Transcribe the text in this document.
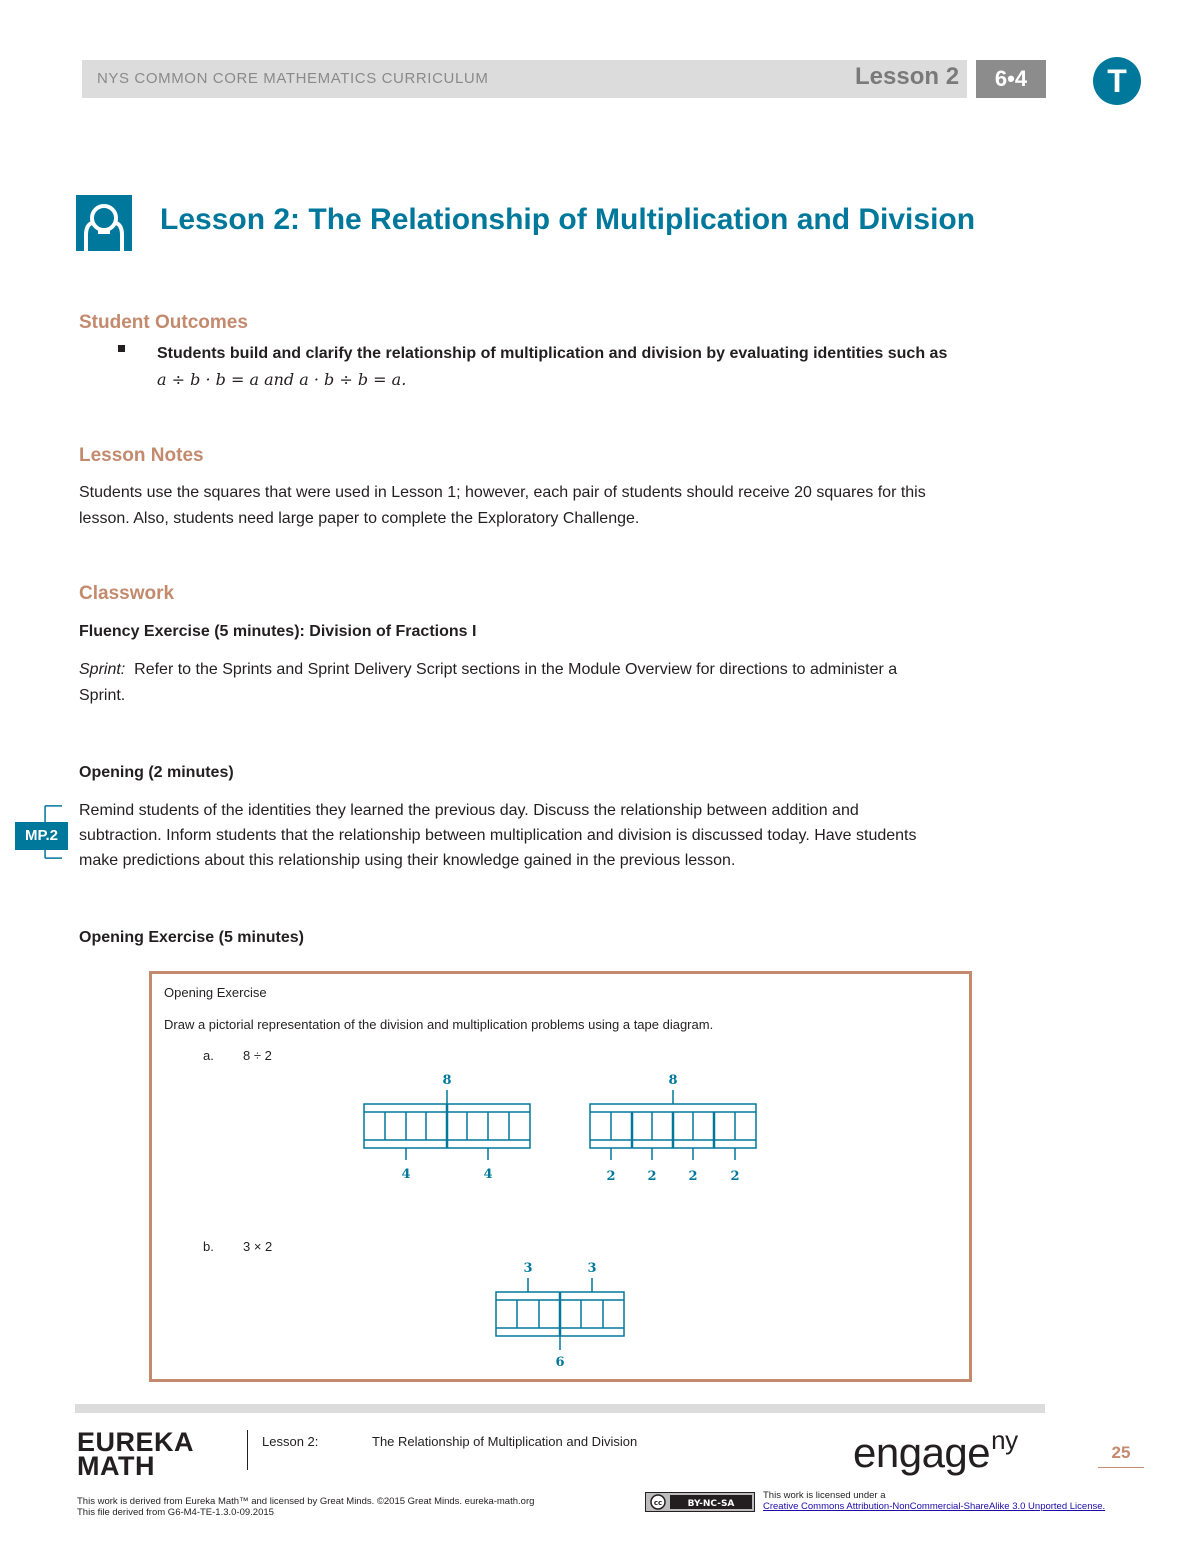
NYS COMMON CORE MATHEMATICS CURRICULUM	Lesson 2	6•4	T
Lesson 2: The Relationship of Multiplication and Division
Student Outcomes
Students build and clarify the relationship of multiplication and division by evaluating identities such as
a ÷ b · b = a and a · b ÷ b = a.
Lesson Notes
Students use the squares that were used in Lesson 1; however, each pair of students should receive 20 squares for this
lesson. Also, students need large paper to complete the Exploratory Challenge.
Classwork
Fluency Exercise (5 minutes): Division of Fractions I
Sprint:  Refer to the Sprints and Sprint Delivery Script sections in the Module Overview for directions to administer a
Sprint.
Opening (2 minutes)
Remind students of the identities they learned the previous day. Discuss the relationship between addition and
subtraction. Inform students that the relationship between multiplication and division is discussed today. Have students
make predictions about this relationship using their knowledge gained in the previous lesson.
MP.2
Opening Exercise (5 minutes)
Opening Exercise
Draw a pictorial representation of the division and multiplication problems using a tape diagram.
a. 8 ÷ 2
b. 3 × 2
8
4	4
8
2 2 2	2
3	3
6
EUREKA
MATH
Lesson 2:	The Relationship of Multiplication and Division	engage$^{ny}$	25
This work is derived from Eureka Math™ and licensed by Great Minds. ©2015 Great Minds. eureka-math.org
This file derived from G6-M4-TE-1.3.0-09.2015
cc	BY-NC-SA
This work is licensed under a
Creative Commons Attribution-NonCommercial-ShareAlike 3.0 Unported License.
